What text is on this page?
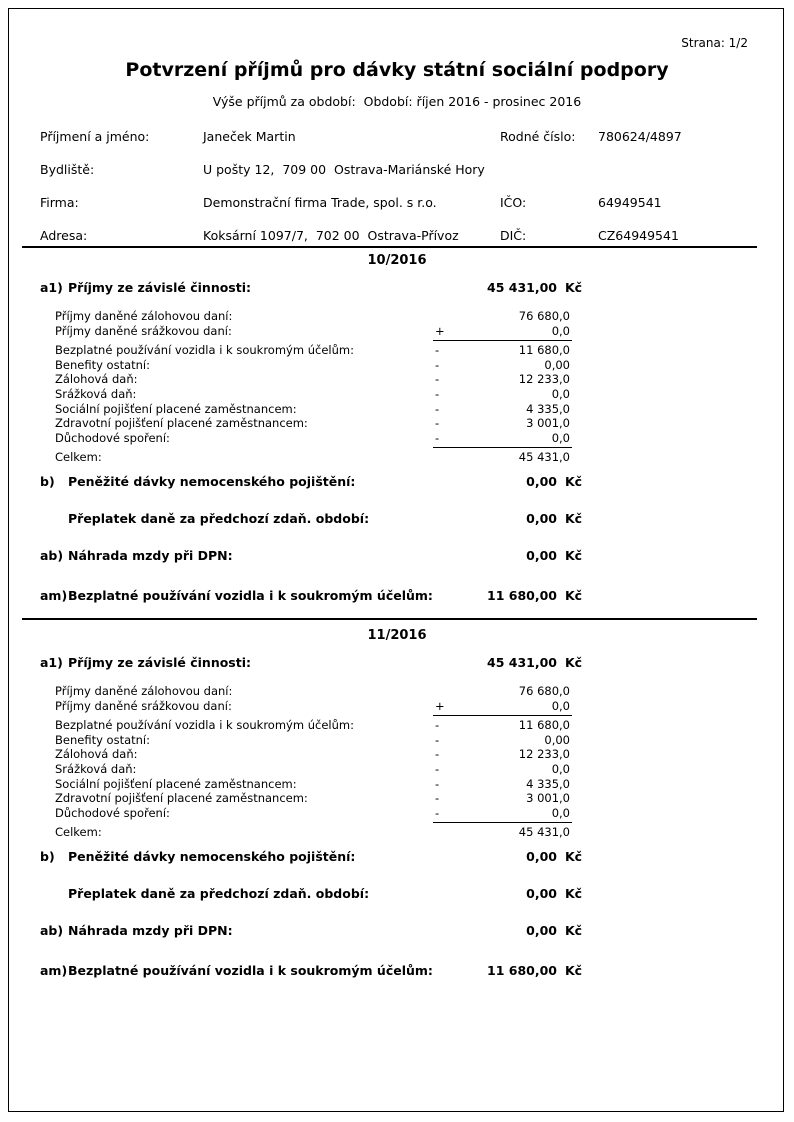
Strana: 1/2
Potvrzení příjmů pro dávky státní sociální podpory
Výše příjmů za období:  Období: říjen 2016 - prosinec 2016
Příjmení a jméno:	Janeček Martin	Rodné číslo: 780624/4897
Bydliště:	U pošty 12,  709 00  Ostrava-Mariánské Hory
Firma:	Demonstrační firma Trade, spol. s r.o.	IČO:	64949541
Adresa:	Koksární 1097/7,  702 00  Ostrava-Přívoz	DIČ:	CZ64949541
10/2016
a1) Příjmy ze závislé činnosti:	45 431,00 Kč
Příjmy daněné zálohovou daní:	76 680,0
Příjmy daněné srážkovou daní:	+	0,0
Bezplatné používání vozidla i k soukromým účelům:	-	11 680,0
Benefity ostatní:	-	0,00
Zálohová daň:	-	12 233,0
Srážková daň:	-	0,0
Sociální pojišťení placené zaměstnancem:	-	4 335,0
Zdravotní pojišťení placené zaměstnancem:	-	3 001,0
Důchodové spoření:	-	0,0
Celkem:	45 431,0
b) Peněžité dávky nemocenského pojištění:	0,00 Kč
Přeplatek daně za předchozí zdaň. období:	0,00 Kč
ab) Náhrada mzdy při DPN:	0,00 Kč
am) Bezplatné používání vozidla i k soukromým účelům:	11 680,00 Kč
11/2016
a1) Příjmy ze závislé činnosti:	45 431,00 Kč
Příjmy daněné zálohovou daní:	76 680,0
Příjmy daněné srážkovou daní:	+	0,0
Bezplatné používání vozidla i k soukromým účelům:	-	11 680,0
Benefity ostatní:	-	0,00
Zálohová daň:	-	12 233,0
Srážková daň:	-	0,0
Sociální pojišťení placené zaměstnancem:	-	4 335,0
Zdravotní pojišťení placené zaměstnancem:	-	3 001,0
Důchodové spoření:	-	0,0
Celkem:	45 431,0
b) Peněžité dávky nemocenského pojištění:	0,00 Kč
Přeplatek daně za předchozí zdaň. období:	0,00 Kč
ab) Náhrada mzdy při DPN:	0,00 Kč
am) Bezplatné používání vozidla i k soukromým účelům:	11 680,00 Kč
